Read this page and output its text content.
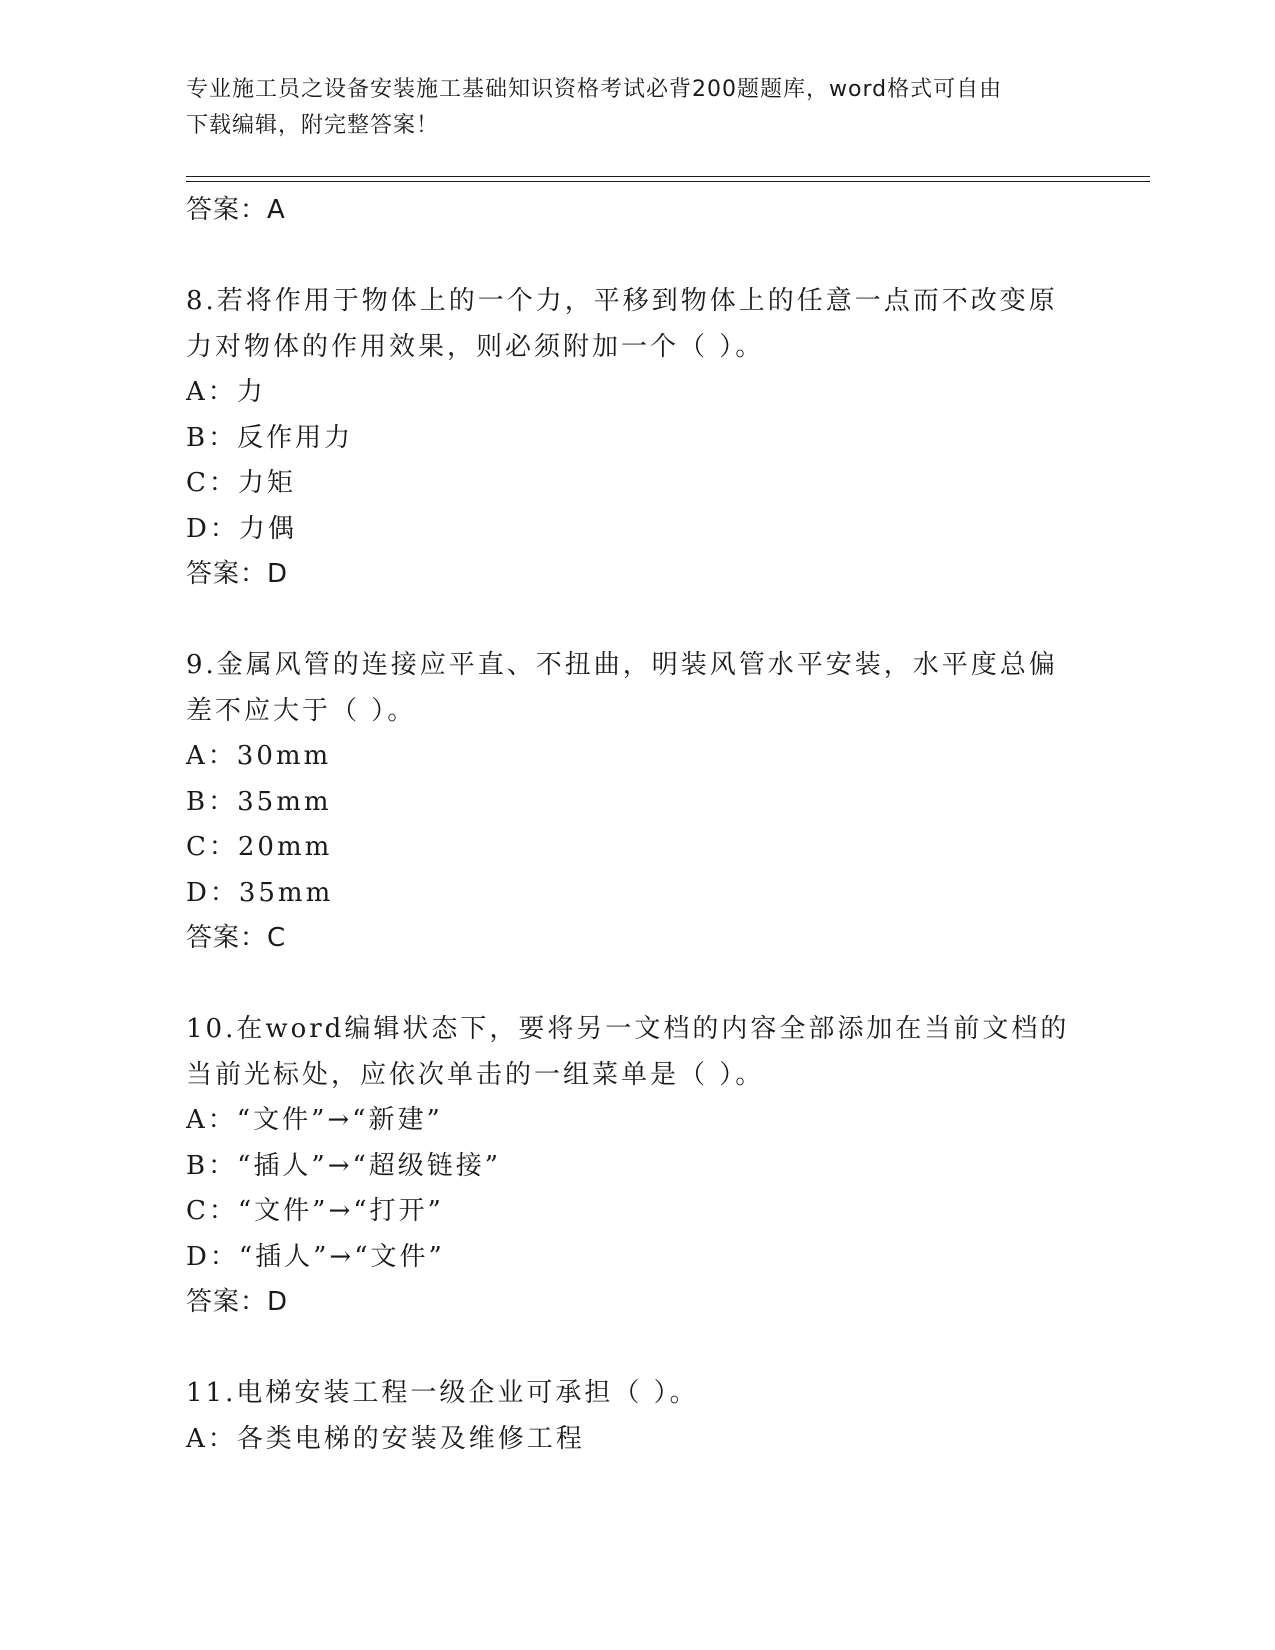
专业施工员之设备安装施工基础知识资格考试必背200题题库，word格式可自由
下载编辑，附完整答案！
答案：A
8.若将作用于物体上的一个力，平移到物体上的任意一点而不改变原
力对物体的作用效果，则必须附加一个（ ）。
A：力
B：反作用力
C：力矩
D：力偶
答案：D
9.金属风管的连接应平直、不扭曲，明装风管水平安装，水平度总偏
差不应大于（ ）。
A：30mm
B：35mm
C：20mm
D：35mm
答案：C
10.在word编辑状态下，要将另一文档的内容全部添加在当前文档的
当前光标处，应依次单击的一组菜单是（ ）。
A：“文件”→“新建”
B：“插人”→“超级链接”
C：“文件”→“打开”
D：“插人”→“文件”
答案：D
11.电梯安装工程一级企业可承担（ ）。
A：各类电梯的安装及维修工程
